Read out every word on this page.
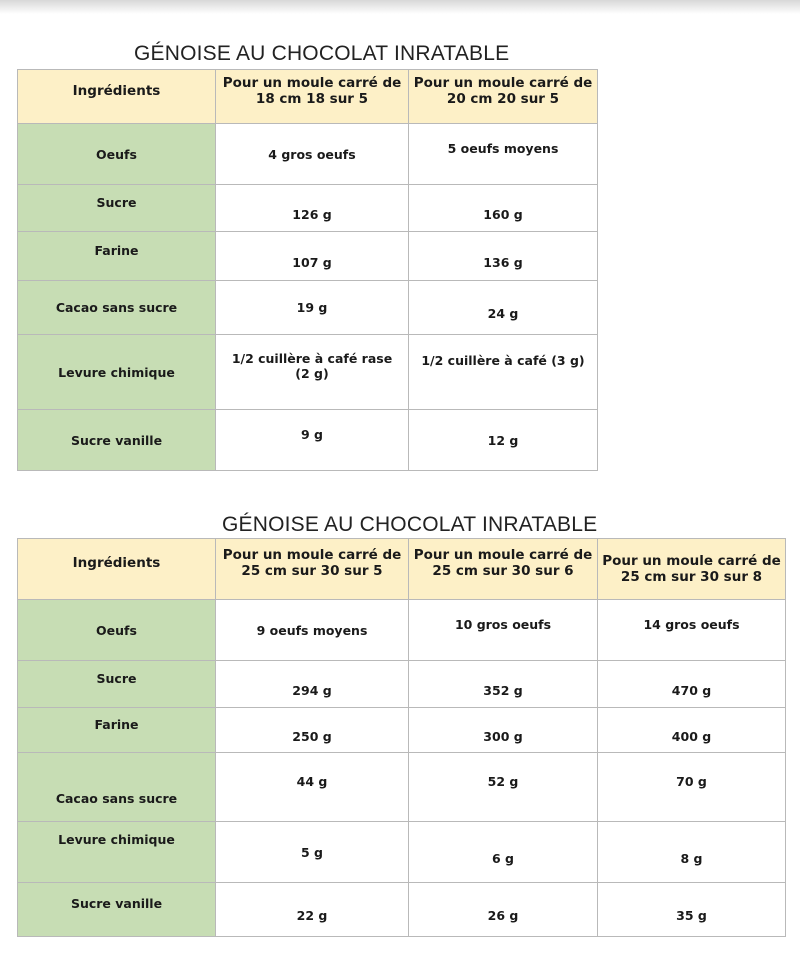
GÉNOISE AU CHOCOLAT INRATABLE
Ingrédients	Pour un moule carré de 18 cm 18 sur 5	Pour un moule carré de 20 cm 20 sur 5

Oeufs	4 gros oeufs	5 oeufs moyens
Sucre	126 g	160 g
Farine	107 g	136 g
Cacao sans sucre	19 g	24 g
Levure chimique	1/2 cuillère à café rase (2 g)	1/2 cuillère à café (3 g)
Sucre vanille	9 g	12 g
GÉNOISE AU CHOCOLAT INRATABLE
Ingrédients	Pour un moule carré de 25 cm sur 30 sur 5	Pour un moule carré de 25 cm sur 30 sur 6	Pour un moule carré de 25 cm sur 30 sur 8

Oeufs	9 oeufs moyens	10 gros oeufs	14 gros oeufs
Sucre	294 g	352 g	470 g
Farine	250 g	300 g	400 g
Cacao sans sucre	44 g	52 g	70 g
Levure chimique	5 g	6 g	8 g
Sucre vanille	22 g	26 g	35 g
